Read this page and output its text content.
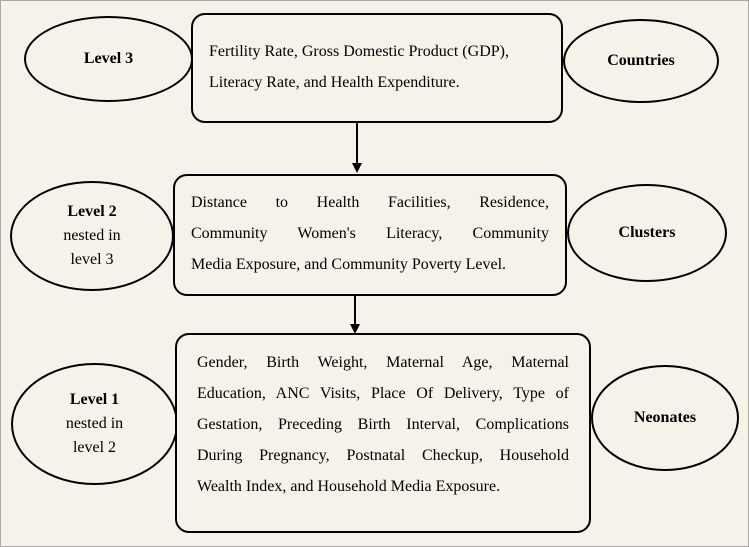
Level 3	Fertility Rate, Gross Domestic Product (GDP),

Literacy Rate, and Health Expenditure.

Countries
Level 2
nested in
level 3

Distance to Health Facilities, Residence,

Community Women's Literacy, Community

Media Exposure, and Community Poverty Level.

Clusters
Level 1
nested in
level 2

Gender, Birth Weight, Maternal Age, Maternal

Education, ANC Visits, Place Of Delivery, Type of

Gestation, Preceding Birth Interval, Complications

During Pregnancy, Postnatal Checkup, Household

Wealth Index, and Household Media Exposure.

Neonates
